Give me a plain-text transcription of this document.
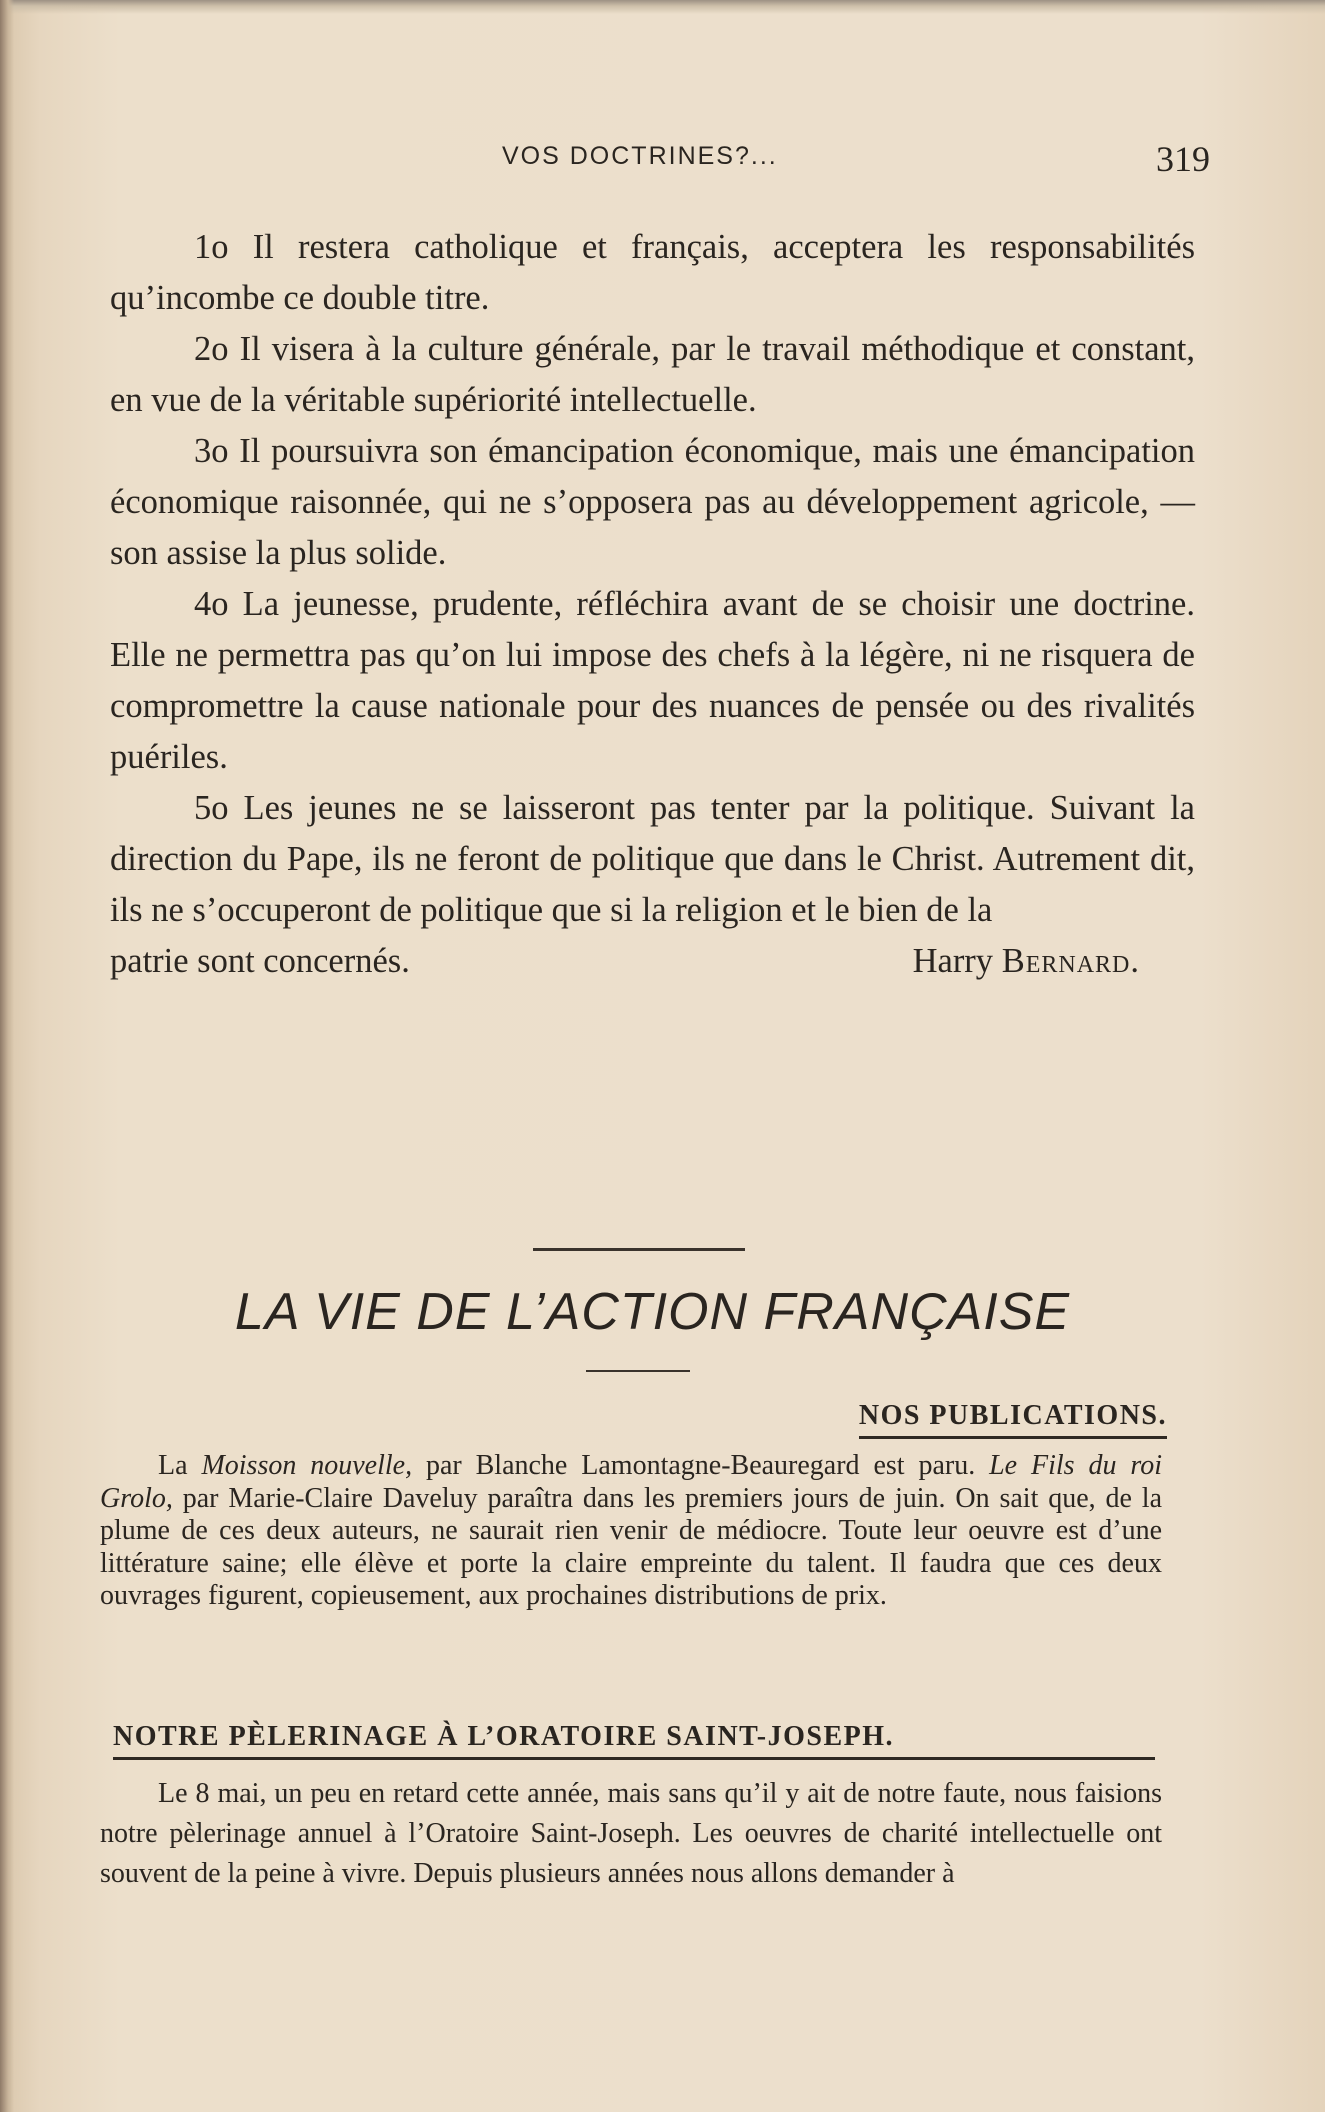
VOS DOCTRINES?...	319

1o Il restera catholique et français, acceptera les responsabilités qu’incombe ce double titre.

2o Il visera à la culture générale, par le travail méthodique et constant, en vue de la véritable supériorité intellectuelle.

3o Il poursuivra son émancipation économique, mais une émancipation économique raisonnée, qui ne s’opposera pas au développement agricole, — son assise la plus solide.

4o La jeunesse, prudente, réfléchira avant de se choisir une doctrine. Elle ne permettra pas qu’on lui impose des chefs à la légère, ni ne risquera de compromettre la cause nationale pour des nuances de pensée ou des rivalités puériles.

5o Les jeunes ne se laisseront pas tenter par la politique. Suivant la direction du Pape, ils ne feront de politique que dans le Christ. Autrement dit, ils ne s’occuperont de politique que si la religion et le bien de la

patrie sont concernés.	Harry Bernard.
LA VIE DE L’ACTION FRANÇAISE
NOS PUBLICATIONS.

La Moisson nouvelle, par Blanche Lamontagne-Beauregard est paru. Le Fils du roi Grolo, par Marie-Claire Daveluy paraîtra dans les premiers jours de juin. On sait que, de la plume de ces deux auteurs, ne saurait rien venir de médiocre. Toute leur oeuvre est d’une littérature saine; elle élève et porte la claire empreinte du talent. Il faudra que ces deux ouvrages figurent, copieusement, aux prochaines distributions de prix.

NOTRE PÈLERINAGE À L’ORATOIRE SAINT-JOSEPH.

Le 8 mai, un peu en retard cette année, mais sans qu’il y ait de notre faute, nous faisions notre pèlerinage annuel à l’Oratoire Saint-Joseph. Les oeuvres de charité intellectuelle ont souvent de la peine à vivre. Depuis plusieurs années nous allons demander à
